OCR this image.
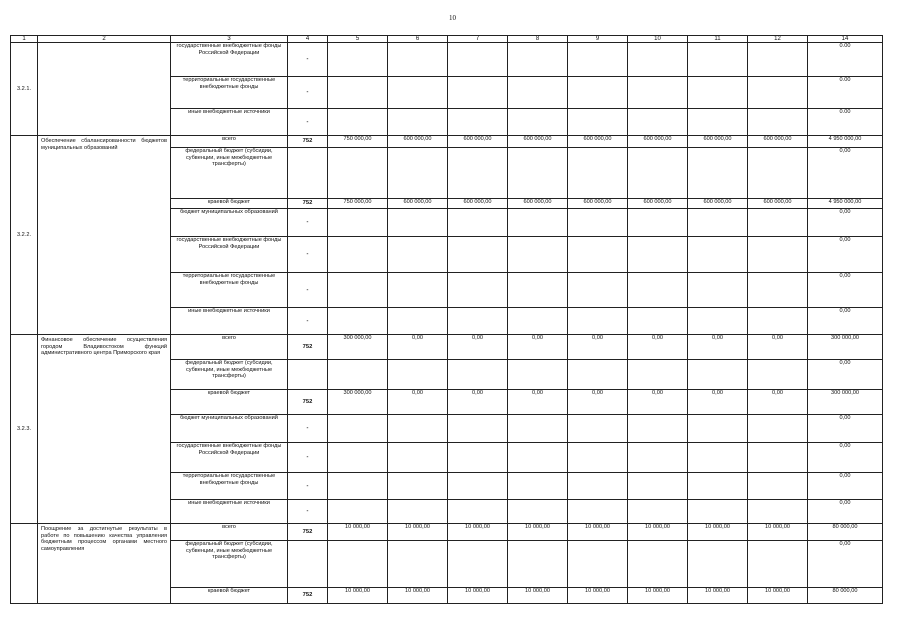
10
1	2	3	4	5	6	7	8	9	10	11	12	14
3.2.1.		государственные внебюджетные фонды Российской Федерации	-									0.00
		территориальные государственные внебюджетные фонды	-									0.00
		иные внебюджетные источники	-									0.00
3.2.2.	Обеспечение сбалансированности бюджетов муниципальных образований	всего	752	750 000,00	600 000,00	600 000,00	600 000,00	600 000,00	600 000,00	600 000,00	600 000,00	4 950 000,00
		федеральный бюджет (субсидии, субвенции, иные межбюджетные трансферты)										0,00
		краевой бюджет	752	750 000,00	600 000,00	600 000,00	600 000,00	600 000,00	600 000,00	600 000,00	600 000,00	4 950 000,00
		бюджет муниципальных образований	-									0,00
		государственные внебюджетные фонды Российской Федерации	-									0,00
		территориальные государственные внебюджетные фонды	-									0,00
		иные внебюджетные источники	-									0,00
3.2.3.	Финансовое обеспечение осуществления городом Владивостоком функций административного центра Приморского края	всего	752	300 000,00	0,00	0,00	0,00	0,00	0,00	0,00	0,00	300 000,00
		федеральный бюджет (субсидии, субвенции, иные межбюджетные трансферты)										0,00
		краевой бюджет	752	300 000,00	0,00	0,00	0,00	0,00	0,00	0,00	0,00	300 000,00
		бюджет муниципальных образований	-									0,00
		государственные внебюджетные фонды Российской Федерации	-									0,00
		территориальные государственные внебюджетные фонды	-									0,00
		иные внебюджетные источники	-									0,00
	Поощрение за достигнутые результаты в работе по повышению качества управления бюджетным процессом органами местного самоуправления	всего	752	10 000,00	10 000,00	10 000,00	10 000,00	10 000,00	10 000,00	10 000,00	10 000,00	80 000,00
		федеральный бюджет (субсидии, субвенции, иные межбюджетные трансферты)										0,00
		краевой бюджет	752	10 000,00	10 000,00	10 000,00	10 000,00	10 000,00	10 000,00	10 000,00	10 000,00	80 000,00
